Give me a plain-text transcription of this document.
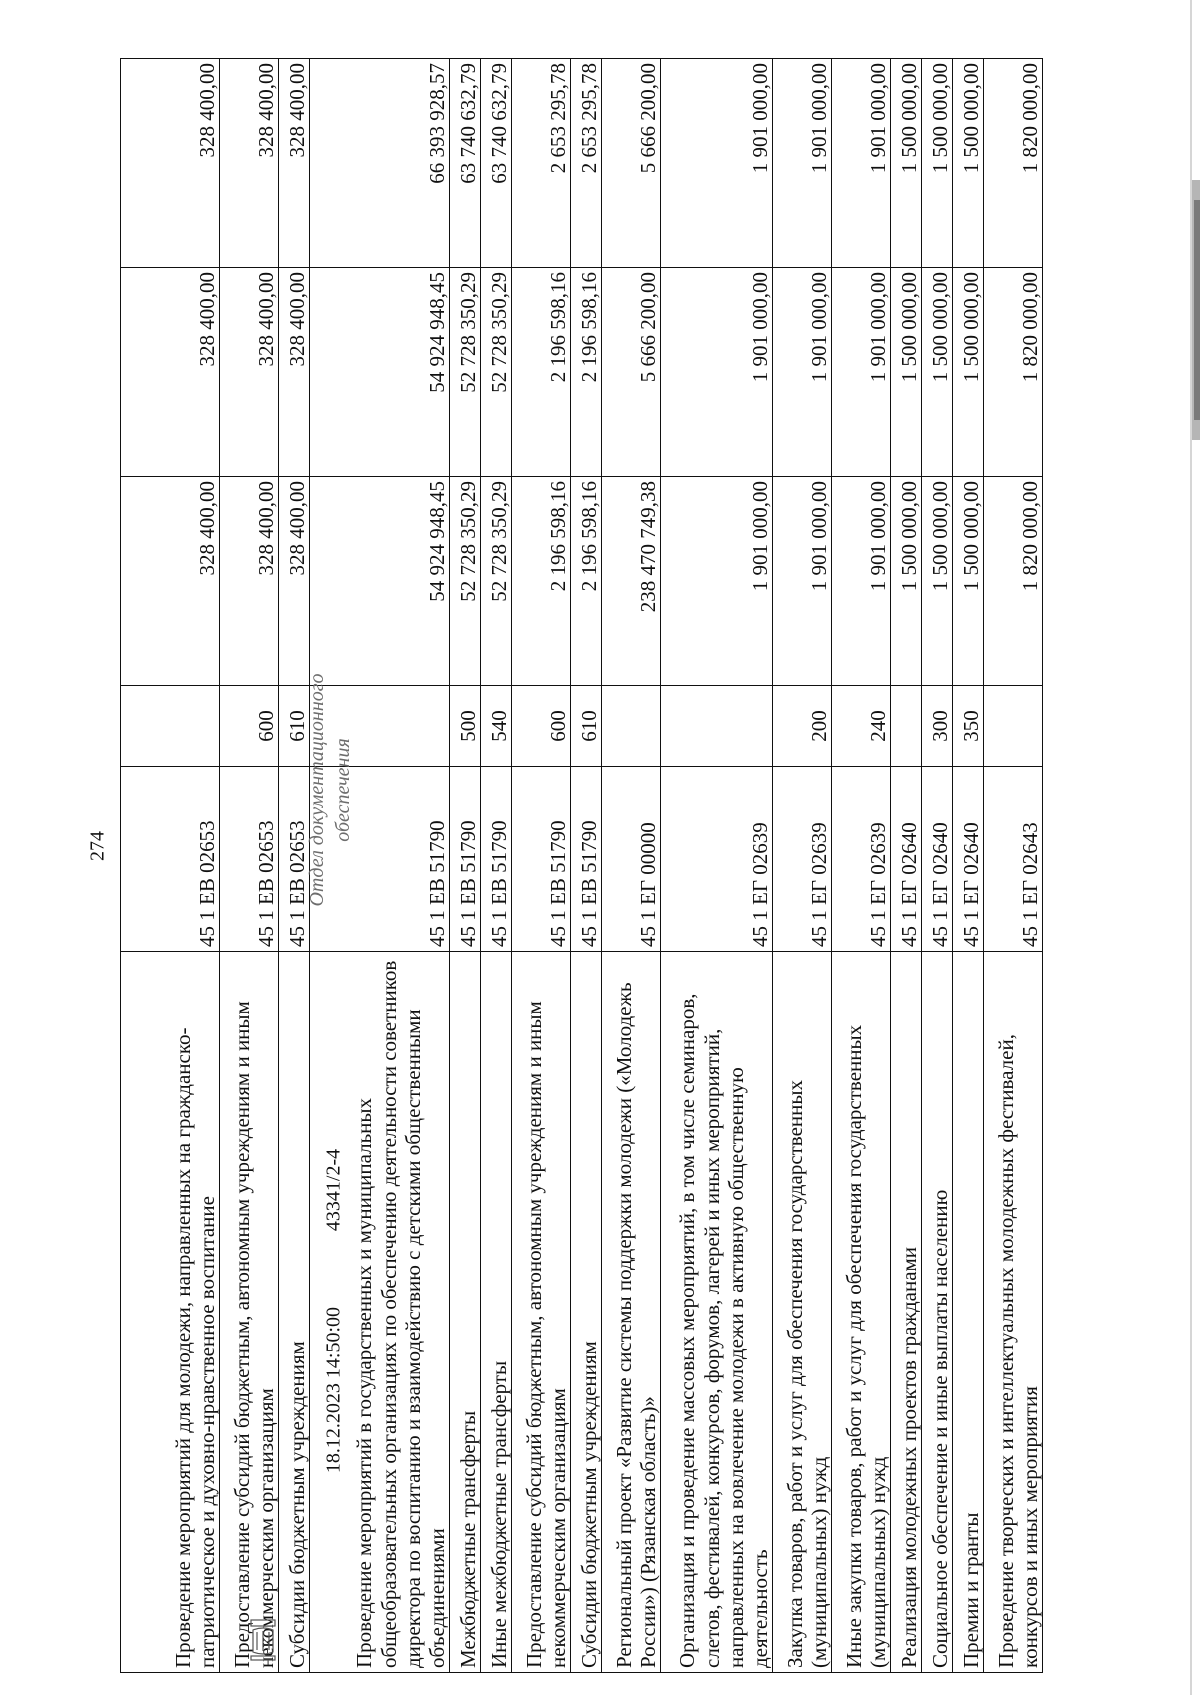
274
Проведение мероприятий для молодежи, направленных на гражданско-патриотическое и духовно-нравственное воспитание	45 1 ЕВ 02653		328 400,00	328 400,00	328 400,00
Предоставление субсидий бюджетным, автономным учреждениям и иным некоммерческим организациям	45 1 ЕВ 02653	600	328 400,00	328 400,00	328 400,00
Субсидии бюджетным учреждениям	45 1 ЕВ 02653	610	328 400,00	328 400,00	328 400,00
Проведение мероприятий в государственных и муниципальных общеобразовательных организациях по обеспечению деятельности советников директора по воспитанию и взаимодействию с детскими общественными объединениями	45 1 ЕВ 51790		54 924 948,45	54 924 948,45	66 393 928,57
Межбюджетные трансферты	45 1 ЕВ 51790	500	52 728 350,29	52 728 350,29	63 740 632,79
Иные межбюджетные трансферты	45 1 ЕВ 51790	540	52 728 350,29	52 728 350,29	63 740 632,79
Предоставление субсидий бюджетным, автономным учреждениям и иным некоммерческим организациям	45 1 ЕВ 51790	600	2 196 598,16	2 196 598,16	2 653 295,78
Субсидии бюджетным учреждениям	45 1 ЕВ 51790	610	2 196 598,16	2 196 598,16	2 653 295,78
Региональный проект «Развитие системы поддержки молодежи («Молодежь России») (Рязанская область)»	45 1 ЕГ 00000		238 470 749,38	5 666 200,00	5 666 200,00
Организация и проведение массовых мероприятий, в том числе семинаров, слетов, фестивалей, конкурсов, форумов, лагерей и иных мероприятий, направленных на вовлечение молодежи в активную общественную деятельность	45 1 ЕГ 02639		1 901 000,00	1 901 000,00	1 901 000,00
Закупка товаров, работ и услуг для обеспечения государственных (муниципальных) нужд	45 1 ЕГ 02639	200	1 901 000,00	1 901 000,00	1 901 000,00
Иные закупки товаров, работ и услуг для обеспечения государственных (муниципальных) нужд	45 1 ЕГ 02639	240	1 901 000,00	1 901 000,00	1 901 000,00
Реализация молодежных проектов гражданами	45 1 ЕГ 02640		1 500 000,00	1 500 000,00	1 500 000,00
Социальное обеспечение и иные выплаты населению	45 1 ЕГ 02640	300	1 500 000,00	1 500 000,00	1 500 000,00
Премии и гранты	45 1 ЕГ 02640	350	1 500 000,00	1 500 000,00	1 500 000,00
Проведение творческих и интеллектуальных молодежных фестивалей, конкурсов и иных мероприятия	45 1 ЕГ 02643		1 820 000,00	1 820 000,00	1 820 000,00
Отдел документационного обеспечения
43341/2-4
18.12.2023 14:50:00
